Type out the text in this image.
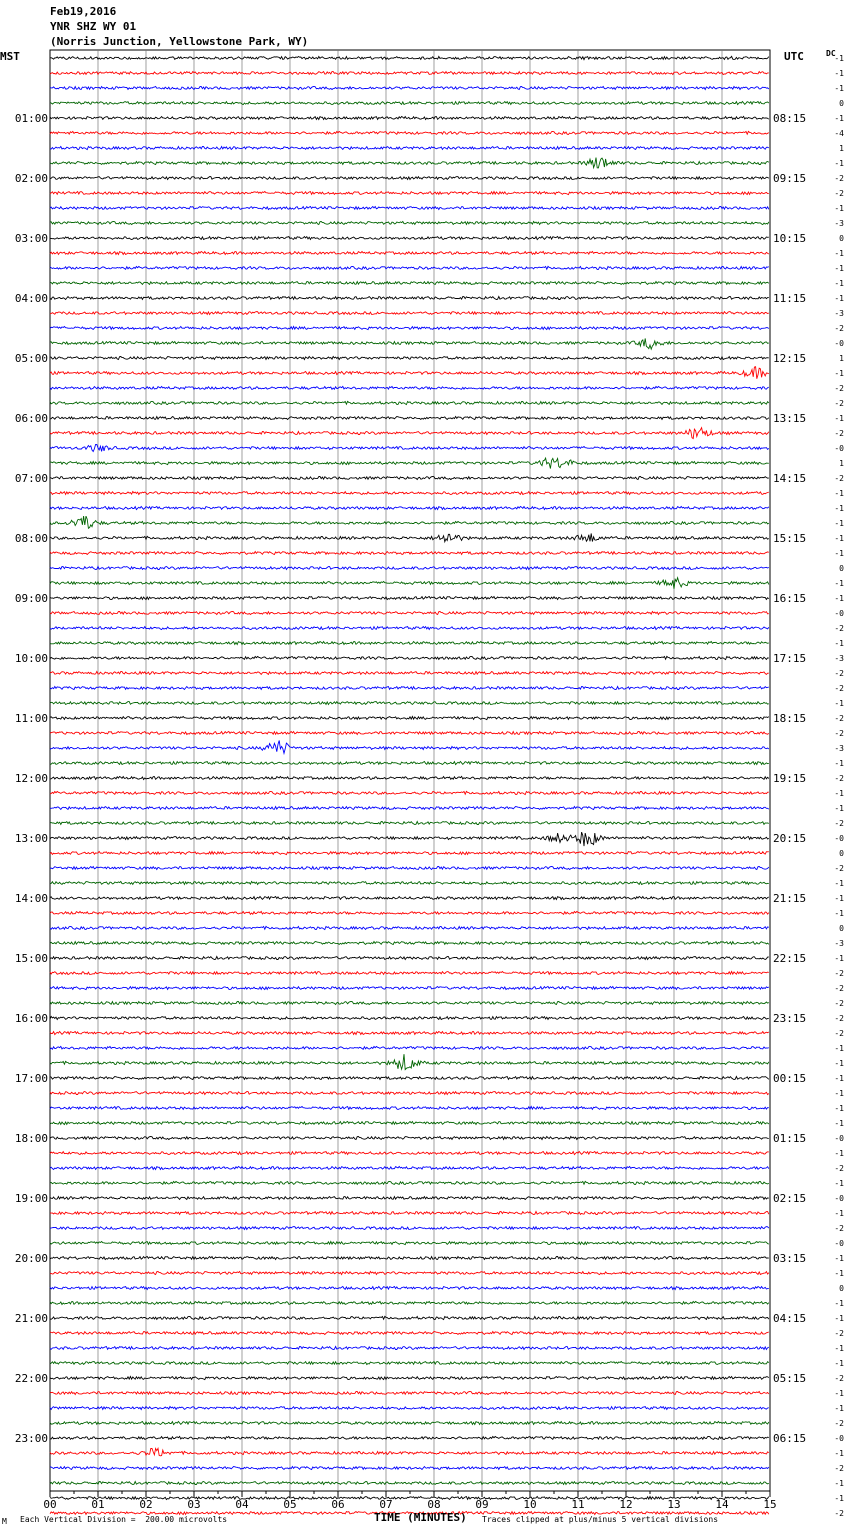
Feb19,2016
YNR SHZ WY 01
(Norris Junction, Yellowstone Park, WY)
MST	UTC	DC
00	01	02	03	04	05	06	07	08	09	10	11	12	13	14	15
-1
-1
-1
0
-1
-4
1
-1
-2
-2
-1
-3
0
-1
-1
-1
-1
-3
-2
-0
1
-1
-2
-2
-1
-2
-0
1
-2
-1
-1
-1
-1
-1
0
-1
-1
-0
-2
-1
-3
-2
-2
-1
-2
-2
-3
-1
-2
-1
-1
-2
-0
0
-2
-1
-1
-1
0
-3
-1
-2
-2
-2
-2
-2
-1
-1
-1
-1
-1
-1
-0
-1
-2
-1
-0
-1
-2
-0
-1
-1
0
-1
-1
-2
-1
-1
-2
-1
-1
-2
-0
-1
-2
-1
-1
-2
01:00	08:15
02:00	09:15
03:00	10:15
04:00	11:15
05:00	12:15
06:00	13:15
07:00	14:15
08:00	15:15
09:00	16:15
10:00	17:15
11:00	18:15
12:00	19:15
13:00	20:15
14:00	21:15
15:00	22:15
16:00	23:15
17:00	00:15
18:00	01:15
19:00	02:15
20:00	03:15
21:00	04:15
22:00	05:15
23:00	06:15
M Each Vertical Division =  200.00 microvolts	TIME (MINUTES) Traces clipped at plus/minus 5 vertical divisions
